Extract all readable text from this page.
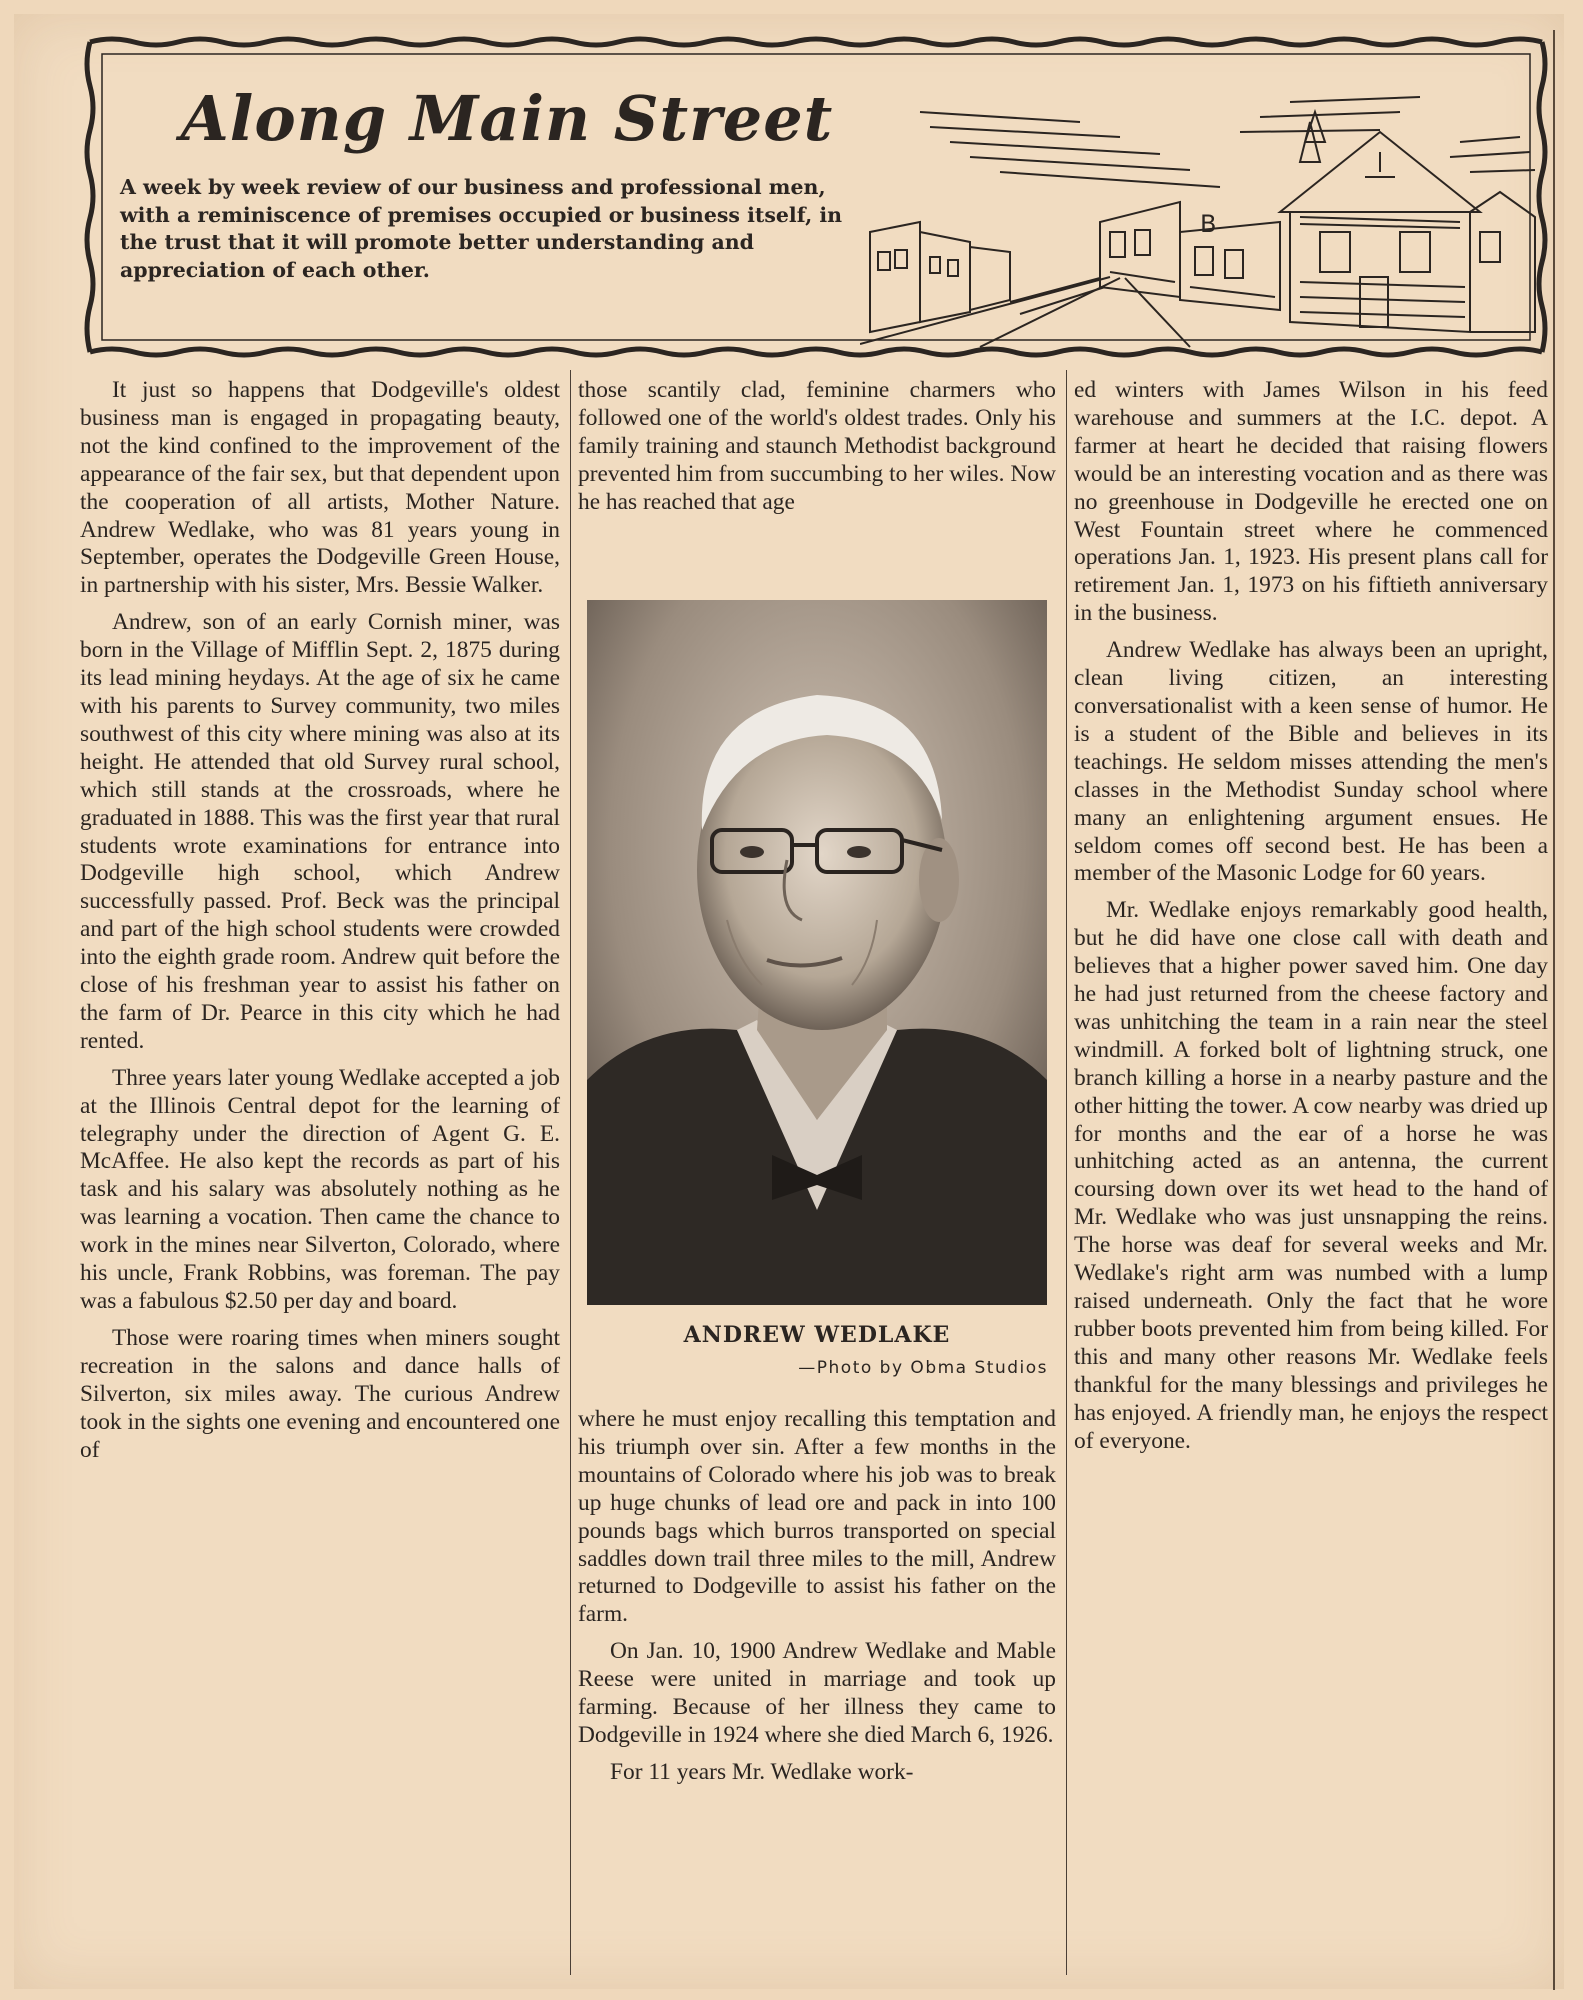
Along Main Street
A week by week review of our business and professional men, with a reminiscence of premises occupied or business itself, in the trust that it will promote better understanding and appreciation of each other.
B

It just so happens that Dodgeville's oldest business man is engaged in propagating beauty, not the kind confined to the improvement of the appearance of the fair sex, but that dependent upon the cooperation of all artists, Mother Nature. Andrew Wedlake, who was 81 years young in September, operates the Dodgeville Green House, in partnership with his sister, Mrs. Bessie Walker.

Andrew, son of an early Cornish miner, was born in the Village of Mifflin Sept. 2, 1875 during its lead mining heydays. At the age of six he came with his parents to Survey community, two miles southwest of this city where mining was also at its height. He attended that old Survey rural school, which still stands at the crossroads, where he graduated in 1888. This was the first year that rural students wrote examinations for entrance into Dodgeville high school, which Andrew successfully passed. Prof. Beck was the principal and part of the high school students were crowded into the eighth grade room. Andrew quit before the close of his freshman year to assist his father on the farm of Dr. Pearce in this city which he had rented.

Three years later young Wedlake accepted a job at the Illinois Central depot for the learning of telegraphy under the direction of Agent G. E. McAffee. He also kept the records as part of his task and his salary was absolutely nothing as he was learning a vocation. Then came the chance to work in the mines near Silverton, Colorado, where his uncle, Frank Robbins, was foreman. The pay was a fabulous $2.50 per day and board.

Those were roaring times when miners sought recreation in the salons and dance halls of Silverton, six miles away. The curious Andrew took in the sights one evening and encountered one of

those scantily clad, feminine charmers who followed one of the world's oldest trades. Only his family training and staunch Methodist background prevented him from succumbing to her wiles. Now he has reached that age

ANDREW WEDLAKE
—Photo by Obma Studios

where he must enjoy recalling this temptation and his triumph over sin. After a few months in the mountains of Colorado where his job was to break up huge chunks of lead ore and pack in into 100 pounds bags which burros transported on special saddles down trail three miles to the mill, Andrew returned to Dodgeville to assist his father on the farm.

On Jan. 10, 1900 Andrew Wedlake and Mable Reese were united in marriage and took up farming. Because of her illness they came to Dodgeville in 1924 where she died March 6, 1926.

For 11 years Mr. Wedlake work-

ed winters with James Wilson in his feed warehouse and summers at the I.C. depot. A farmer at heart he decided that raising flowers would be an interesting vocation and as there was no greenhouse in Dodgeville he erected one on West Fountain street where he commenced operations Jan. 1, 1923. His present plans call for retirement Jan. 1, 1973 on his fiftieth anniversary in the business.

Andrew Wedlake has always been an upright, clean living citizen, an interesting conversationalist with a keen sense of humor. He is a student of the Bible and believes in its teachings. He seldom misses attending the men's classes in the Methodist Sunday school where many an enlightening argument ensues. He seldom comes off second best. He has been a member of the Masonic Lodge for 60 years.

Mr. Wedlake enjoys remarkably good health, but he did have one close call with death and believes that a higher power saved him. One day he had just returned from the cheese factory and was unhitching the team in a rain near the steel windmill. A forked bolt of lightning struck, one branch killing a horse in a nearby pasture and the other hitting the tower. A cow nearby was dried up for months and the ear of a horse he was unhitching acted as an antenna, the current coursing down over its wet head to the hand of Mr. Wedlake who was just unsnapping the reins. The horse was deaf for several weeks and Mr. Wedlake's right arm was numbed with a lump raised underneath. Only the fact that he wore rubber boots prevented him from being killed. For this and many other reasons Mr. Wedlake feels thankful for the many blessings and privileges he has enjoyed. A friendly man, he enjoys the respect of everyone.
